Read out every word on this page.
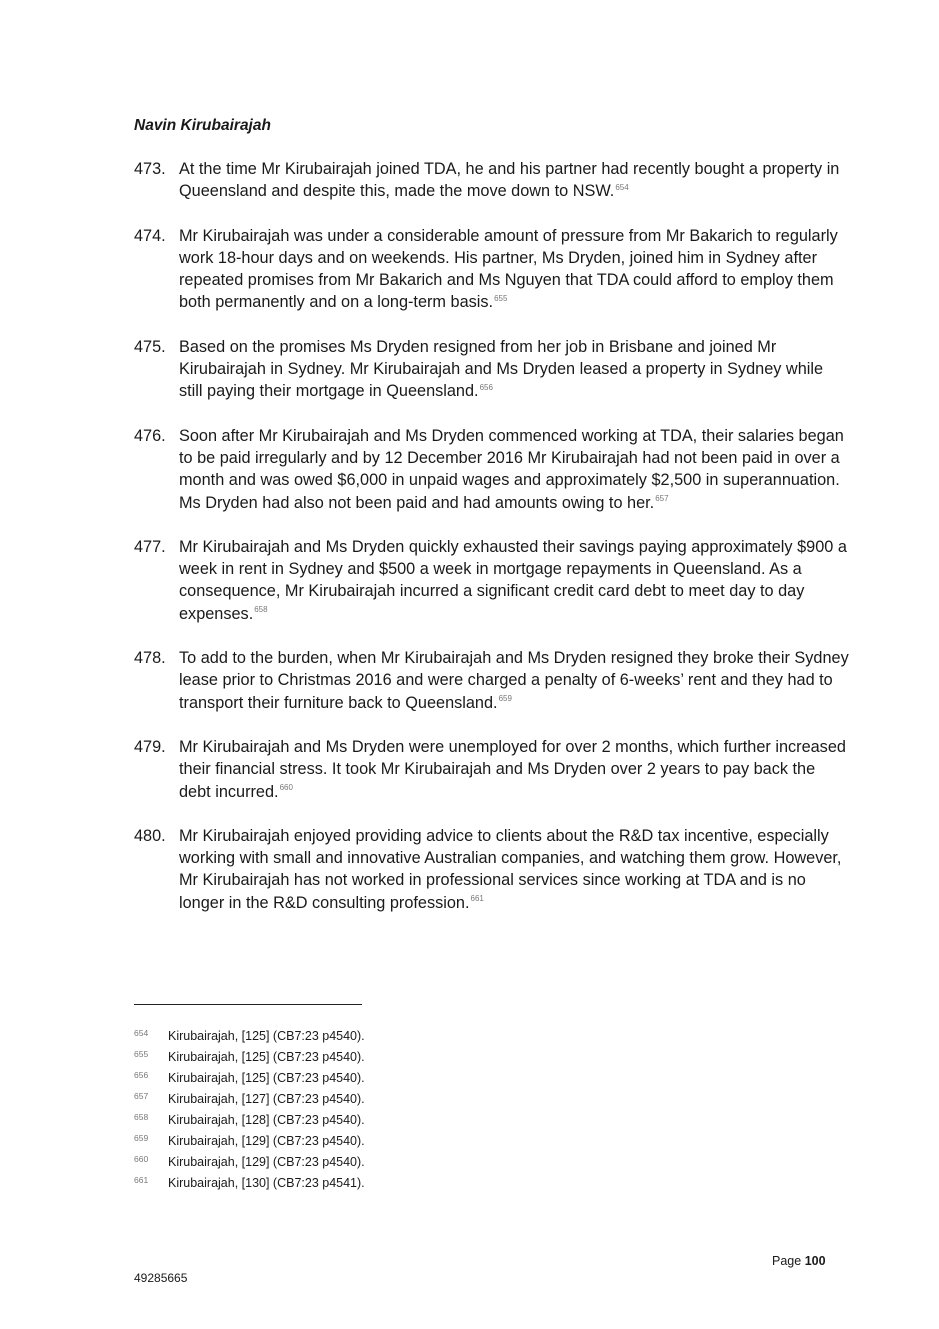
Navin Kirubairajah
473. At the time Mr Kirubairajah joined TDA, he and his partner had recently bought a property in Queensland and despite this, made the move down to NSW.$^{654}$
474. Mr Kirubairajah was under a considerable amount of pressure from Mr Bakarich to regularly work 18-hour days and on weekends. His partner, Ms Dryden, joined him in Sydney after repeated promises from Mr Bakarich and Ms Nguyen that TDA could afford to employ them both permanently and on a long-term basis.$^{655}$
475. Based on the promises Ms Dryden resigned from her job in Brisbane and joined Mr Kirubairajah in Sydney. Mr Kirubairajah and Ms Dryden leased a property in Sydney while still paying their mortgage in Queensland.$^{656}$
476. Soon after Mr Kirubairajah and Ms Dryden commenced working at TDA, their salaries began to be paid irregularly and by 12 December 2016 Mr Kirubairajah had not been paid in over a month and was owed $6,000 in unpaid wages and approximately $2,500 in superannuation. Ms Dryden had also not been paid and had amounts owing to her.$^{657}$
477. Mr Kirubairajah and Ms Dryden quickly exhausted their savings paying approximately $900 a week in rent in Sydney and $500 a week in mortgage repayments in Queensland. As a consequence, Mr Kirubairajah incurred a significant credit card debt to meet day to day expenses.$^{658}$
478. To add to the burden, when Mr Kirubairajah and Ms Dryden resigned they broke their Sydney lease prior to Christmas 2016 and were charged a penalty of 6-weeks’ rent and they had to transport their furniture back to Queensland.$^{659}$
479. Mr Kirubairajah and Ms Dryden were unemployed for over 2 months, which further increased their financial stress. It took Mr Kirubairajah and Ms Dryden over 2 years to pay back the debt incurred.$^{660}$
480. Mr Kirubairajah enjoyed providing advice to clients about the R&D tax incentive, especially working with small and innovative Australian companies, and watching them grow. However, Mr Kirubairajah has not worked in professional services since working at TDA and is no longer in the R&D consulting profession.$^{661}$
654 Kirubairajah, [125] (CB7:23 p4540).
655 Kirubairajah, [125] (CB7:23 p4540).
656 Kirubairajah, [125] (CB7:23 p4540).
657 Kirubairajah, [127] (CB7:23 p4540).
658 Kirubairajah, [128] (CB7:23 p4540).
659 Kirubairajah, [129] (CB7:23 p4540).
660 Kirubairajah, [129] (CB7:23 p4540).
661 Kirubairajah, [130] (CB7:23 p4541).
Page 100
49285665
